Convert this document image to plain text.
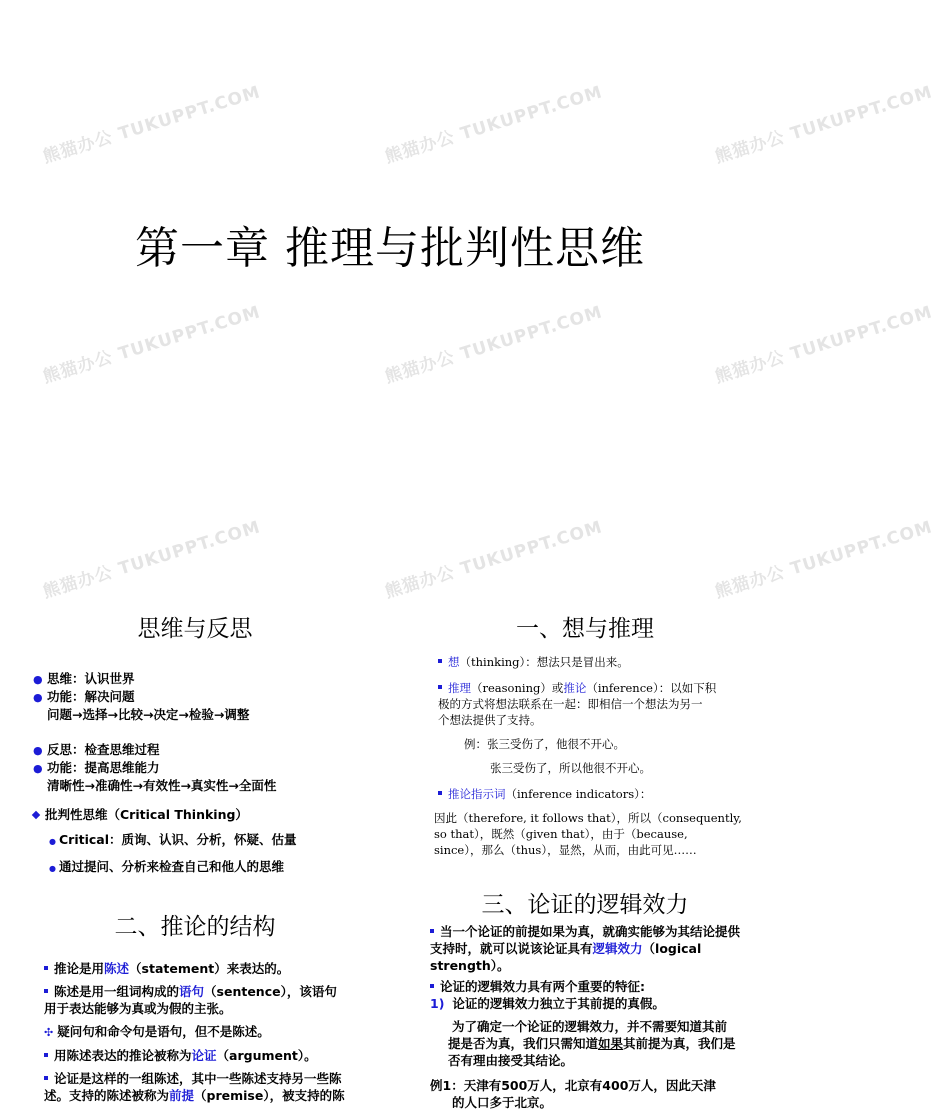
熊猫办公 TUKUPPT.COM	熊猫办公 TUKUPPT.COM	熊猫办公 TUKUPPT.COM
熊猫办公 TUKUPPT.COM	熊猫办公 TUKUPPT.COM	熊猫办公 TUKUPPT.COM
熊猫办公 TUKUPPT.COM	熊猫办公 TUKUPPT.COM	熊猫办公 TUKUPPT.COM
第一章 推理与批判性思维
思维与反思
● 思维：认识世界
● 功能：解决问题
问题→选择→比较→决定→检验→调整
● 反思：检查思维过程
● 功能：提高思维能力
清晰性→准确性→有效性→真实性→全面性
批判性思维（Critical Thinking）
● Critical：质询、认识、分析，怀疑、估量
● 通过提问、分析来检查自己和他人的思维
一、想与推理
想（thinking）：想法只是冒出来。
推理（reasoning）或推论（inference）：以如下积
极的方式将想法联系在一起：即相信一个想法为另一
个想法提供了支持。
例：张三受伤了，他很不开心。
张三受伤了，所以他很不开心。
推论指示词（inference indicators）：
因此（therefore, it follows that），所以（consequently,
so that），既然（given that），由于（because,
since），那么（thus），显然，从而，由此可见……
二、推论的结构
推论是用陈述（statement）来表达的。
陈述是用一组词构成的语句（sentence），该语句
用于表达能够为真或为假的主张。
✣ 疑问句和命令句是语句，但不是陈述。
用陈述表达的推论被称为论证（argument）。
论证是这样的一组陈述，其中一些陈述支持另一些陈
述。支持的陈述被称为前提（premise），被支持的陈
三、论证的逻辑效力
当一个论证的前提如果为真，就确实能够为其结论提供
支持时，就可以说该论证具有逻辑效力（logical
strength）。
论证的逻辑效力具有两个重要的特征:
1) 论证的逻辑效力独立于其前提的真假。
为了确定一个论证的逻辑效力，并不需要知道其前
提是否为真，我们只需知道如果其前提为真，我们是
否有理由接受其结论。
例1：天津有500万人，北京有400万人，因此天津
的人口多于北京。
